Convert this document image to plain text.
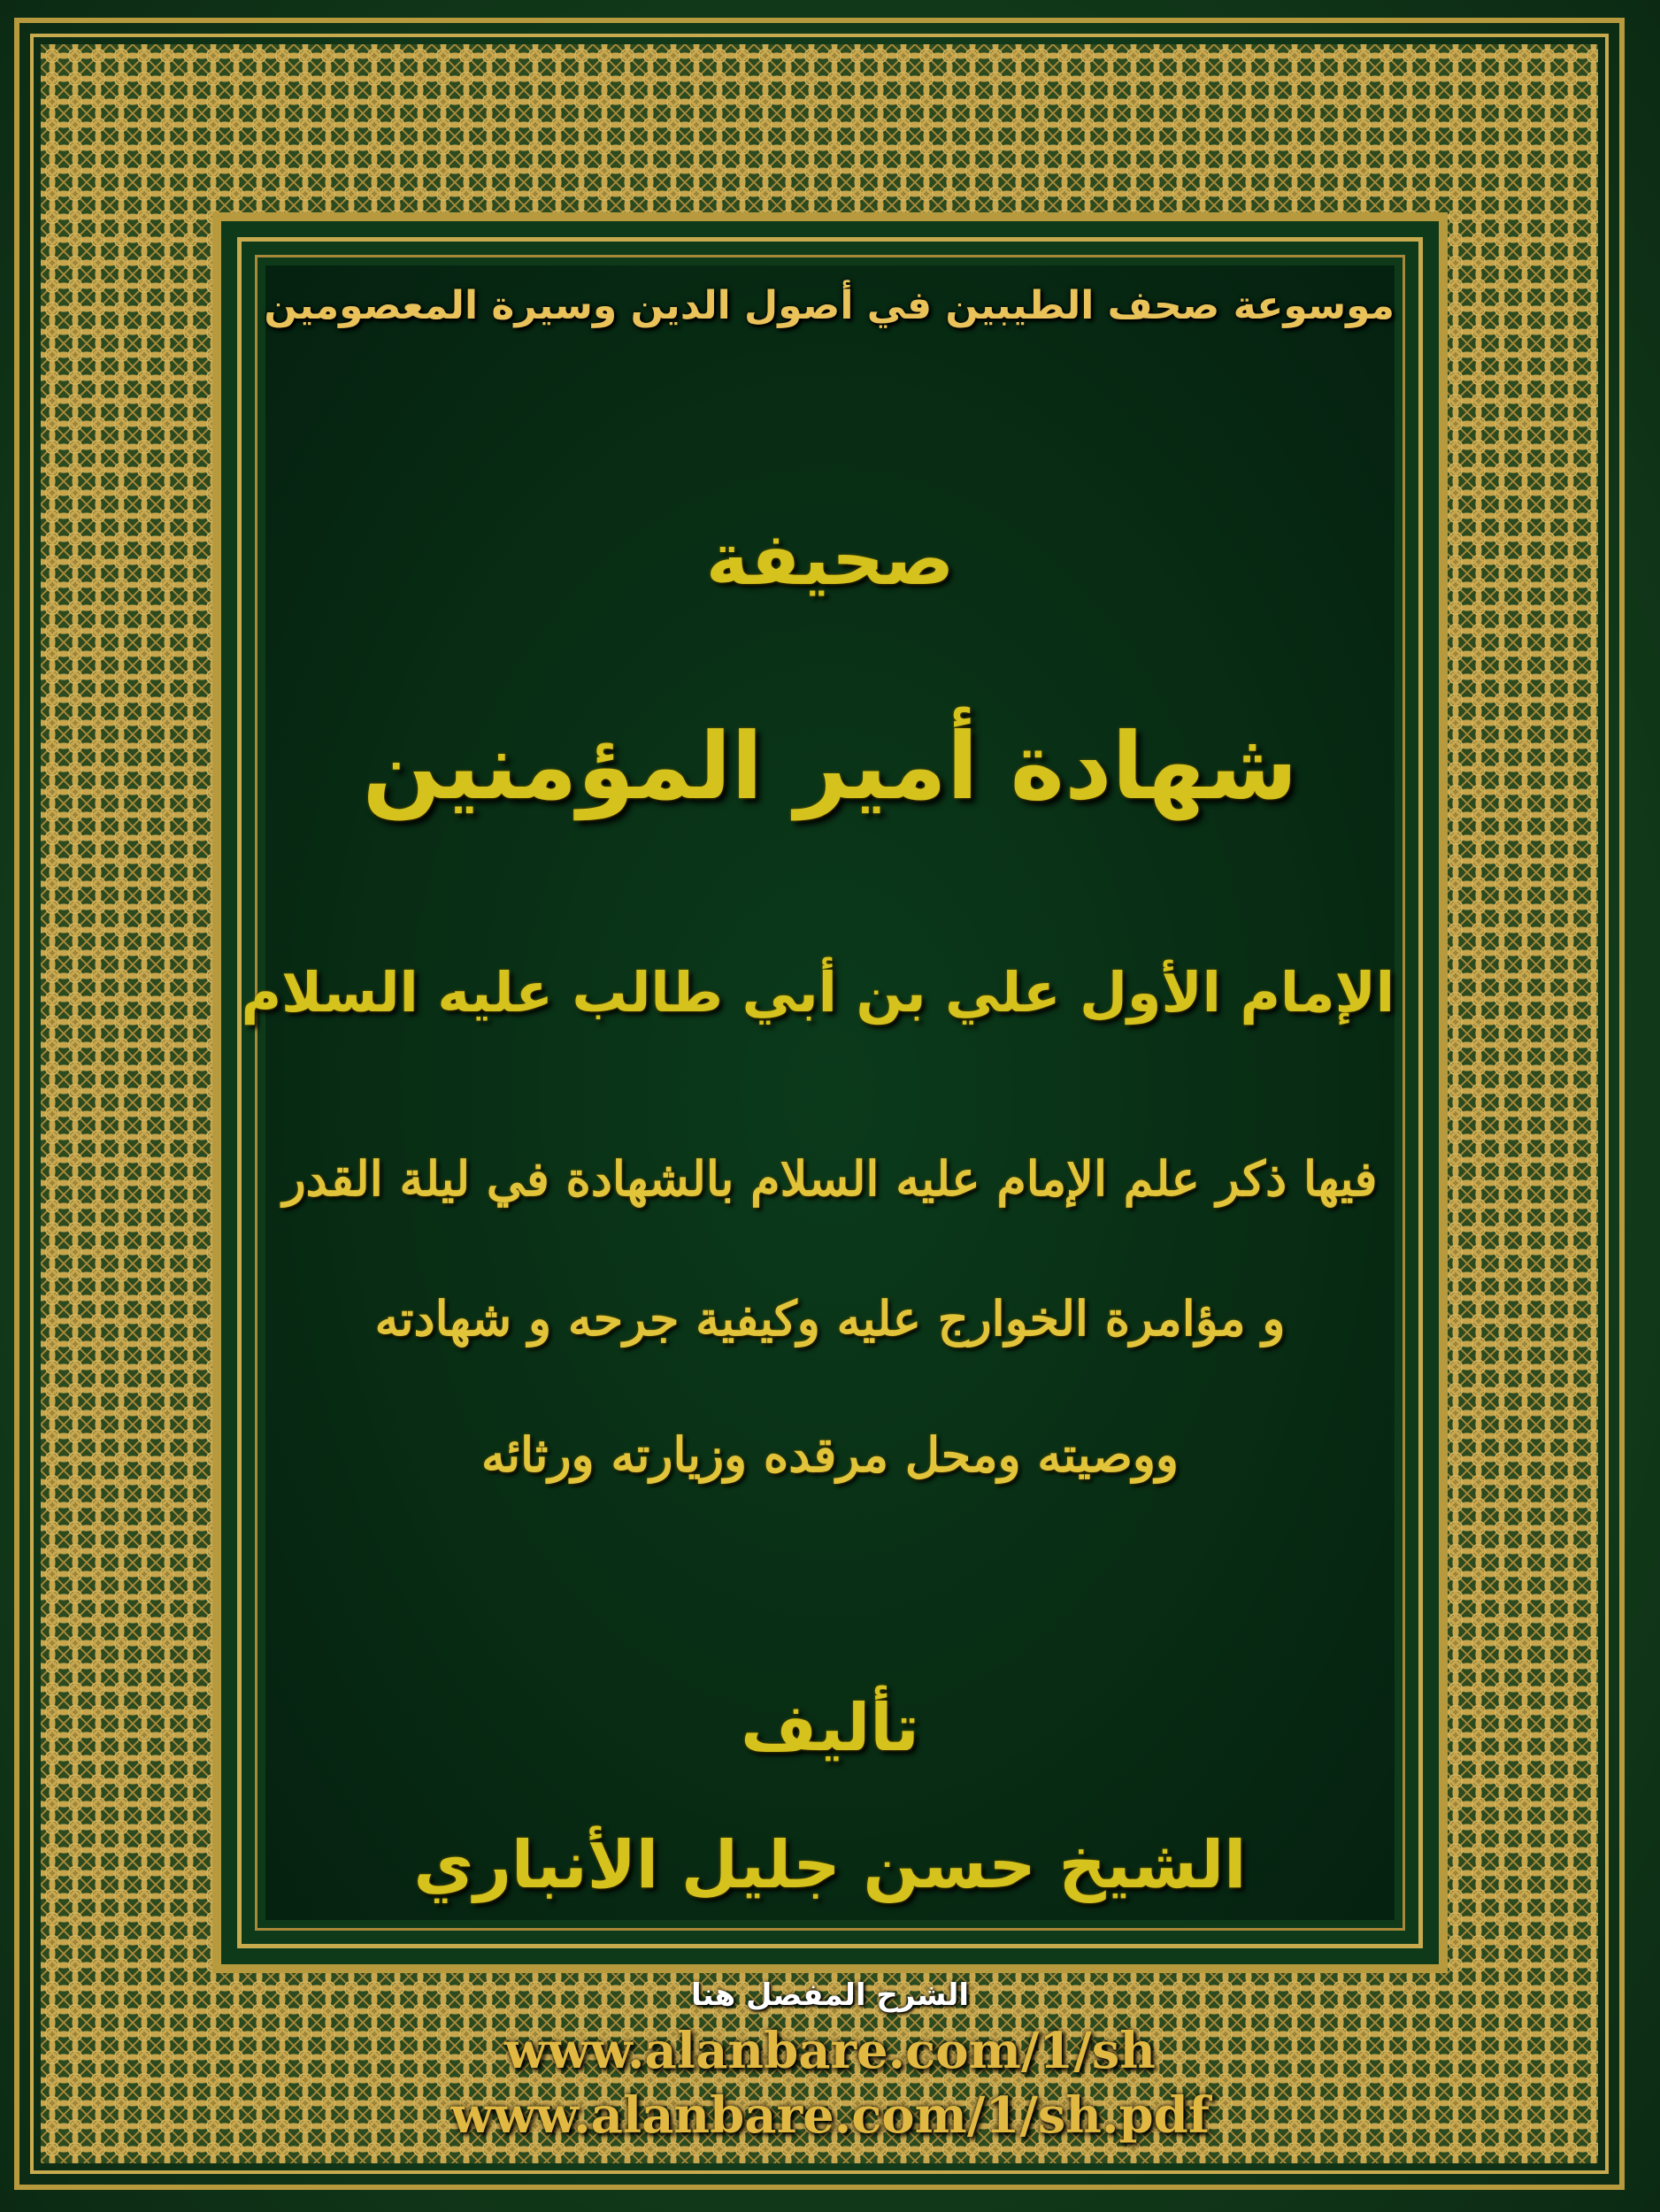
موسوعة صحف الطيبين في أصول الدين وسيرة المعصومين
صحيفة
شهادة أمير المؤمنين
الإمام الأول علي بن أبي طالب عليه السلام
فيها ذكر علم الإمام عليه السلام بالشهادة في ليلة القدر
و مؤامرة الخوارج عليه وكيفية جرحه و شهادته
ووصيته ومحل مرقده وزيارته ورثائه
تأليف
الشيخ حسن جليل الأنباري
الشرح المفصل هنا
www.alanbare.com/1/sh
www.alanbare.com/1/sh.pdf
